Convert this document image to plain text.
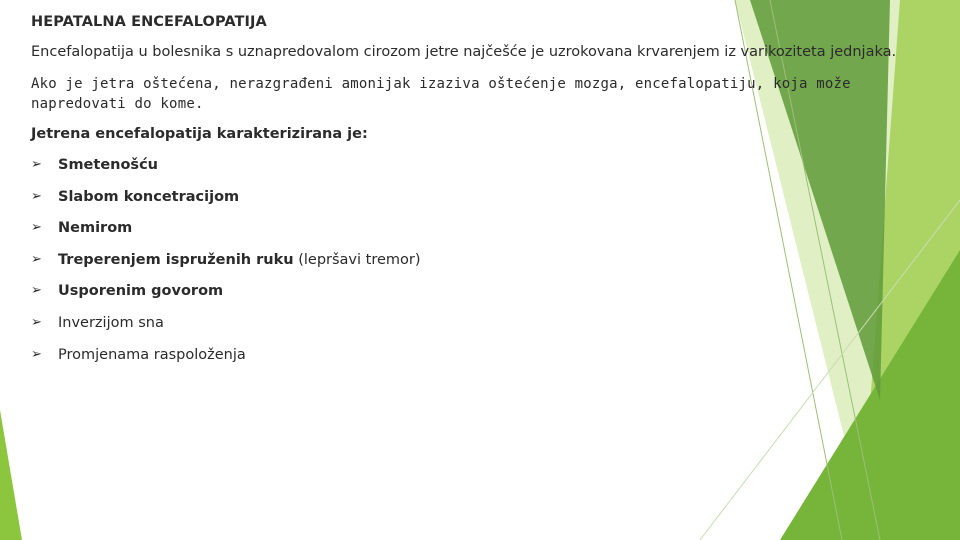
HEPATALNA ENCEFALOPATIJA

Encefalopatija u bolesnika s uznapredovalom cirozom jetre najčešće je uzrokovana krvarenjem iz varikoziteta jednjaka.

Ako je jetra oštećena, nerazgrađeni amonijak izaziva oštećenje mozga, encefalopatiju, koja može napredovati do kome.

Jetrena encefalopatija karakterizirana je:

➢ Smetenošću
➢ Slabom koncetracijom
➢ Nemirom
➢ Treperenjem ispruženih ruku (lepršavi tremor)
➢ Usporenim govorom
➢ Inverzijom sna
➢ Promjenama raspoloženja
